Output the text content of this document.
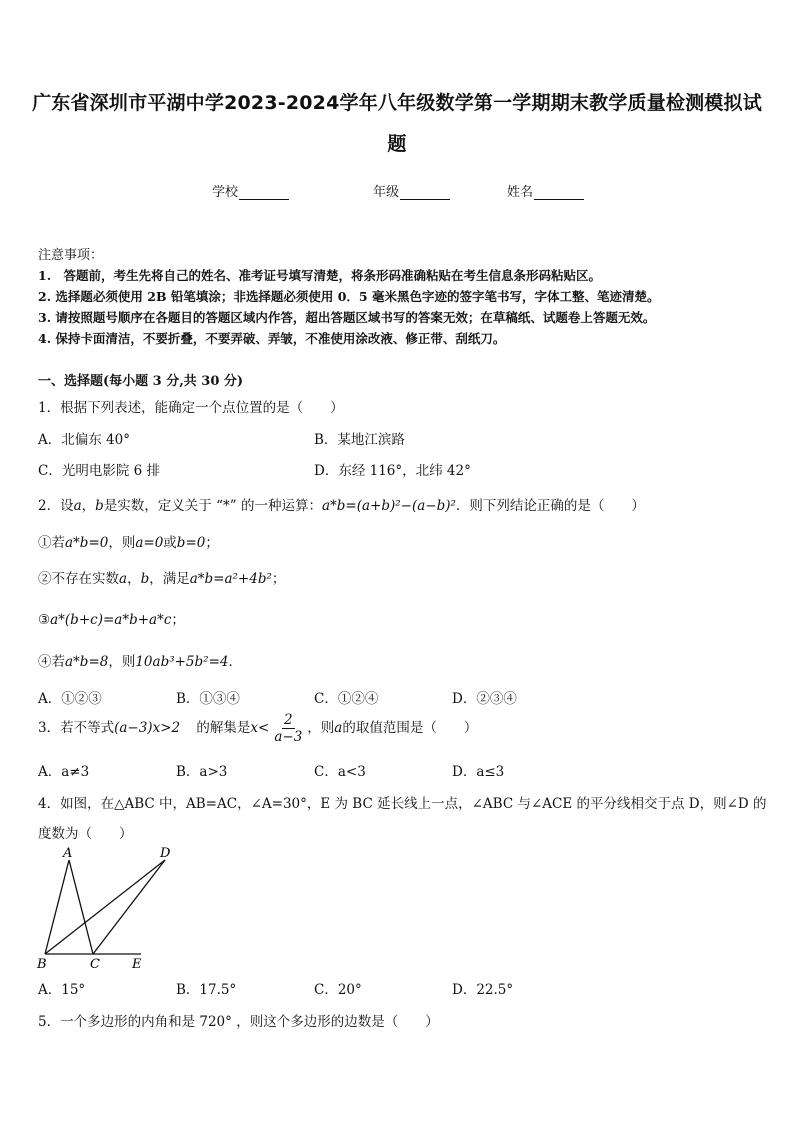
广东省深圳市平湖中学2023-2024学年八年级数学第一学期期末教学质量检测模拟试
题
学校	年级	姓名
注意事项：
1.　答题前，考生先将自己的姓名、准考证号填写清楚，将条形码准确粘贴在考生信息条形码粘贴区。
2. 选择题必须使用 2B 铅笔填涂；非选择题必须使用 0．5 毫米黑色字迹的签字笔书写，字体工整、笔迹清楚。
3. 请按照题号顺序在各题目的答题区域内作答，超出答题区域书写的答案无效；在草稿纸、试题卷上答题无效。
4. 保持卡面清洁，不要折叠，不要弄破、弄皱，不准使用涂改液、修正带、刮纸刀。
一、选择题(每小题 3 分,共 30 分)
1．根据下列表述，能确定一个点位置的是（　　）
A．北偏东 40°	B．某地江滨路
C．光明电影院 6 排	D．东经 116°，北纬 42°
2．设a，b是实数，定义关于 “*” 的一种运算：a*b=(a+b)²−(a−b)²．则下列结论正确的是（　　）
①若a*b=0，则a=0或b=0；
②不存在实数a，b，满足a*b=a²+4b²；
③a*(b+c)=a*b+a*c；
④若a*b=8，则10ab³+5b²=4．
A．①②③	B．①③④	C．①②④	D．②③④
3．若不等式(a−3)x>2 的解集是$x< \frac{2}{a-3}$ ，则a的取值范围是（　　）
A．a≠3	B．a>3	C．a<3	D．a≤3
4．如图，在△ABC 中，AB=AC，∠A=30°，E 为 BC 延长线上一点，∠ABC 与∠ACE 的平分线相交于点 D，则∠D 的
度数为（　　）
A	D
B	C E
A．15°	B．17.5°	C．20°	D．22.5°
5．一个多边形的内角和是 720° ，则这个多边形的边数是（　　）
